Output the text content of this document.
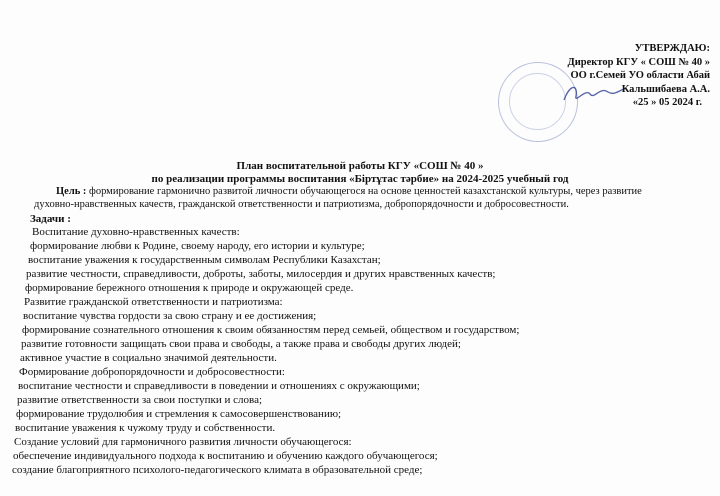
УТВЕРЖДАЮ:
Директор КГУ « СОШ № 40 »
ОО г.Семей УО области Абай
Кальшибаева А.А.
«25 » 05 2024 г.
План воспитательной работы КГУ «СОШ № 40 »
по реализации программы воспитания «Біртұтас тәрбие» на 2024-2025 учебный год
Цель : формирование гармонично развитой личности обучающегося на основе ценностей казахстанской культуры, через развитие
духовно-нравственных качеств, гражданской ответственности и патриотизма, добропорядочности и добросовестности.
Задачи :
Воспитание духовно-нравственных качеств:
формирование любви к Родине, своему народу, его истории и культуре;
воспитание уважения к государственным символам Республики Казахстан;
развитие честности, справедливости, доброты, заботы, милосердия и других нравственных качеств;
формирование бережного отношения к природе и окружающей среде.
Развитие гражданской ответственности и патриотизма:
воспитание чувства гордости за свою страну и ее достижения;
формирование сознательного отношения к своим обязанностям перед семьей, обществом и государством;
развитие готовности защищать свои права и свободы, а также права и свободы других людей;
активное участие в социально значимой деятельности.
Формирование добропорядочности и добросовестности:
воспитание честности и справедливости в поведении и отношениях с окружающими;
развитие ответственности за свои поступки и слова;
формирование трудолюбия и стремления к самосовершенствованию;
воспитание уважения к чужому труду и собственности.
Создание условий для гармоничного развития личности обучающегося:
обеспечение индивидуального подхода к воспитанию и обучению каждого обучающегося;
создание благоприятного психолого-педагогического климата в образовательной среде;
